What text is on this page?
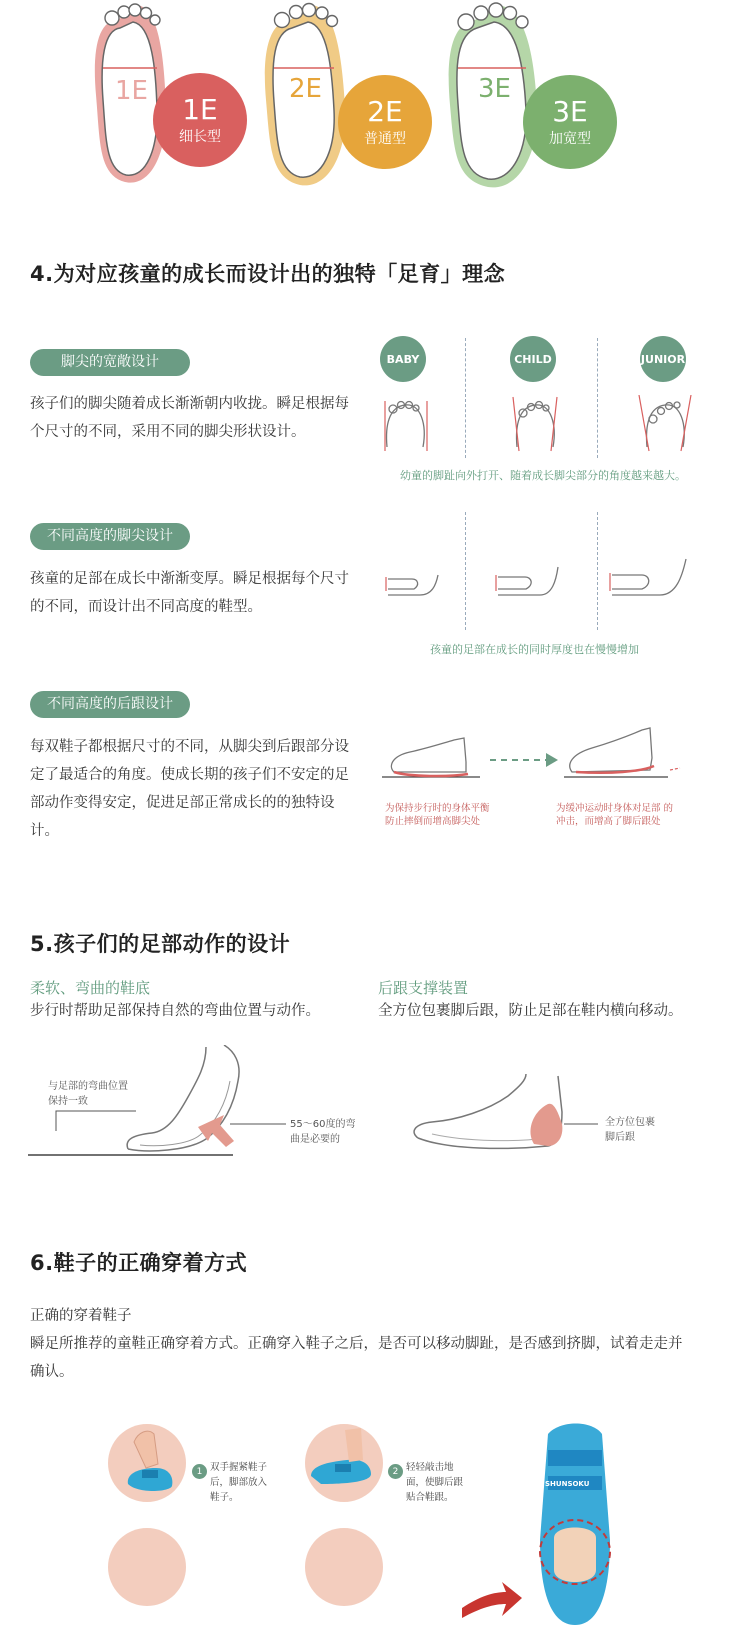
1E	2E	3E
1E
细长型
2E
普通型
3E
加宽型
4.为对应孩童的成长而设计出的独特「足育」理念
脚尖的宽敞设计
孩子们的脚尖随着成长渐渐朝内收拢。瞬足根据每个尺寸的不同，采用不同的脚尖形状设计。
BABY	CHILD	JUNIOR
幼童的脚趾向外打开、随着成长脚尖部分的角度越来越大。
不同高度的脚尖设计
孩童的足部在成长中渐渐变厚。瞬足根据每个尺寸的不同，而设计出不同高度的鞋型。
孩童的足部在成长的同时厚度也在慢慢增加
不同高度的后跟设计
每双鞋子都根据尺寸的不同，从脚尖到后跟部分设定了最适合的角度。使成长期的孩子们不安定的足部动作变得安定，促进足部正常成长的的独特设计。
为保持步行时的身体平衡防止摔倒而增高脚尖处
为缓冲运动时身体对足部 的冲击，而增高了脚后跟处
5.孩子们的足部动作的设计
柔软、弯曲的鞋底
步行时帮助足部保持自然的弯曲位置与动作。
后跟支撑装置
全方位包裹脚后跟，防止足部在鞋内横向移动。
与足部的弯曲位置保持一致
55～60度的弯曲是必要的
全方位包裹脚后跟
6.鞋子的正确穿着方式
正确的穿着鞋子
瞬足所推荐的童鞋正确穿着方式。正确穿入鞋子之后，是否可以移动脚趾，是否感到挤脚，试着走走并确认。
1 双手握紧鞋子后，脚部放入鞋子。
2 轻轻敲击地面，使脚后跟贴合鞋跟。
SHUNSOKU
